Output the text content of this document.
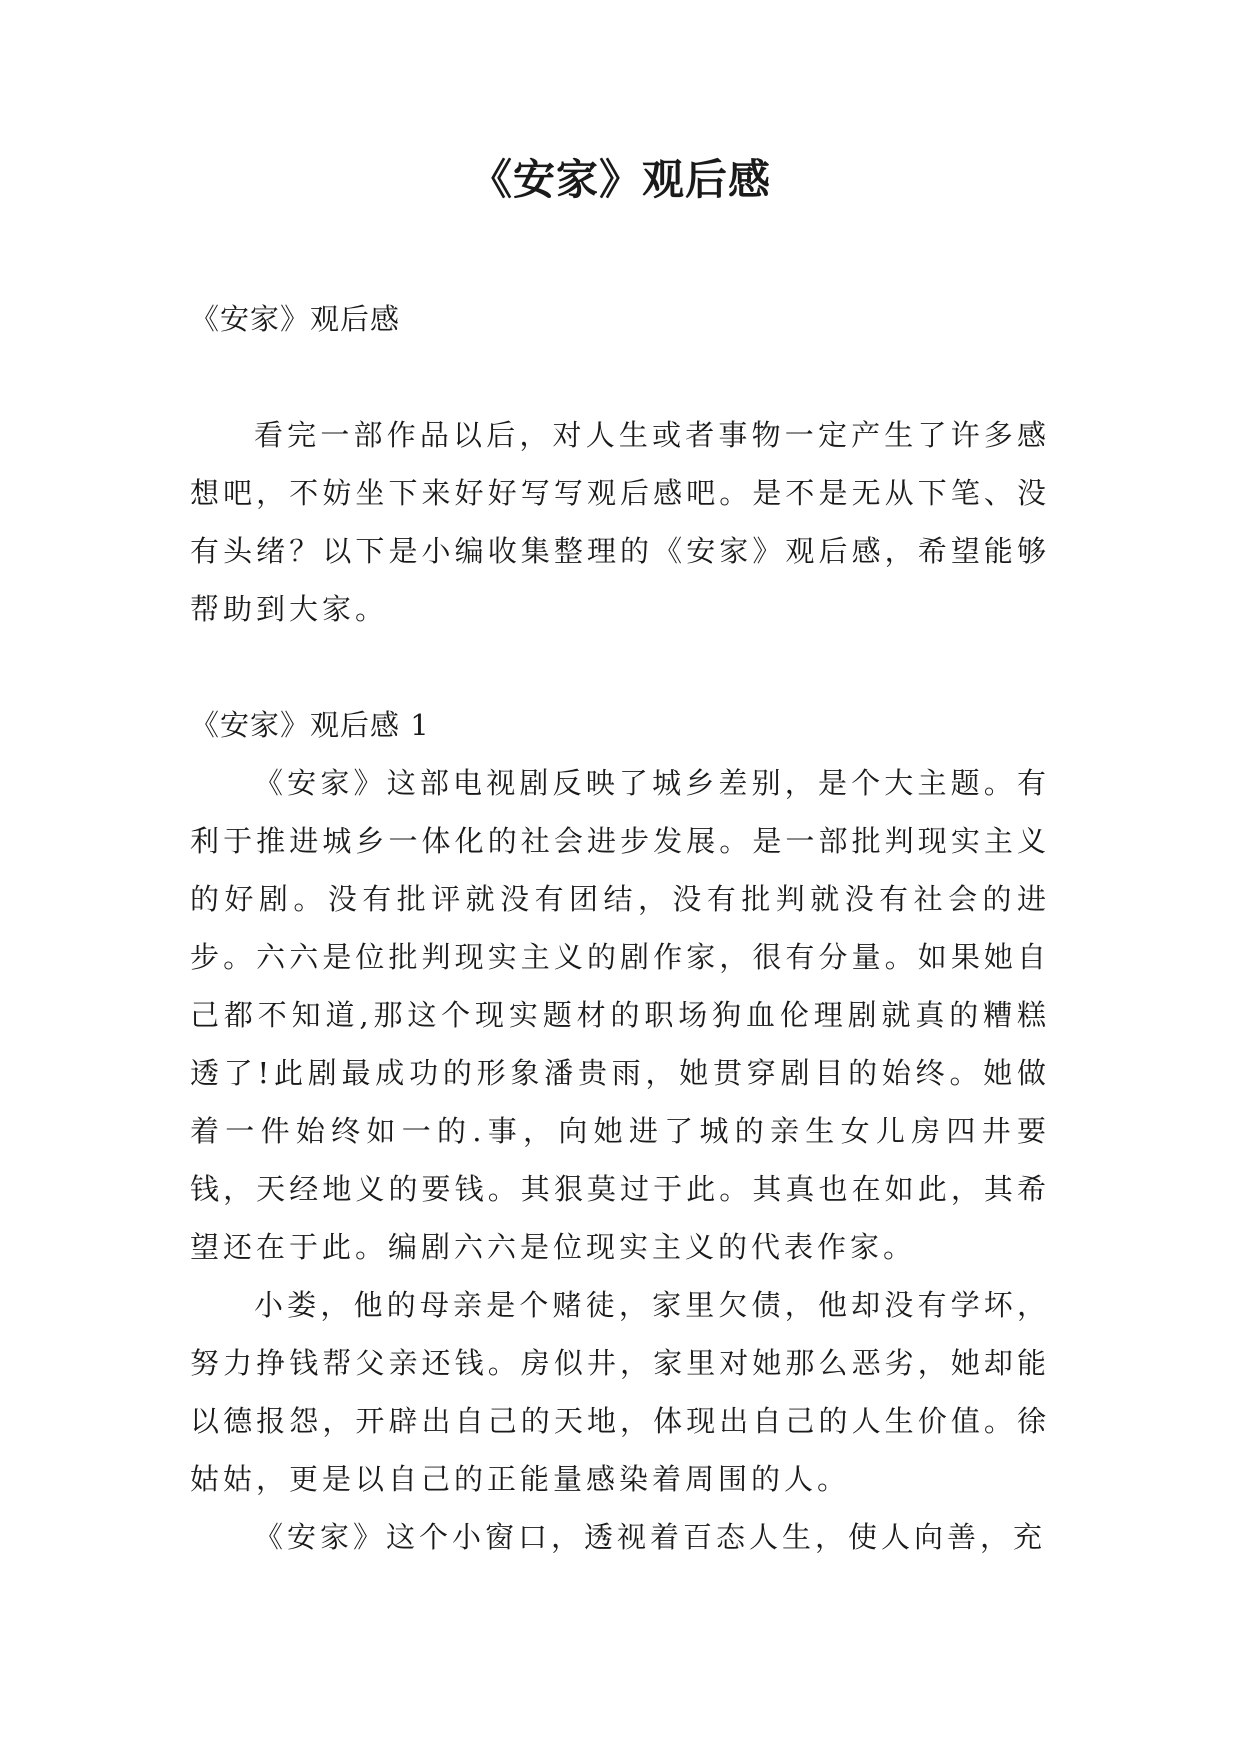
《安家》观后感

《安家》观后感

看完一部作品以后，对人生或者事物一定产生了许多感想吧，不妨坐下来好好写写观后感吧。是不是无从下笔、没有头绪？以下是小编收集整理的《安家》观后感，希望能够帮助到大家。

《安家》观后感 1

《安家》这部电视剧反映了城乡差别，是个大主题。有利于推进城乡一体化的社会进步发展。是一部批判现实主义的好剧。没有批评就没有团结，没有批判就没有社会的进步。六六是位批判现实主义的剧作家，很有分量。如果她自己都不知道,那这个现实题材的职场狗血伦理剧就真的糟糕透了!此剧最成功的形象潘贵雨，她贯穿剧目的始终。她做着一件始终如一的.事，向她进了城的亲生女儿房四井要钱，天经地义的要钱。其狠莫过于此。其真也在如此，其希望还在于此。编剧六六是位现实主义的代表作家。

小娄，他的母亲是个赌徒，家里欠债，他却没有学坏，努力挣钱帮父亲还钱。房似井，家里对她那么恶劣，她却能以德报怨，开辟出自己的天地，体现出自己的人生价值。徐姑姑，更是以自己的正能量感染着周围的人。

《安家》这个小窗口，透视着百态人生，使人向善，充
